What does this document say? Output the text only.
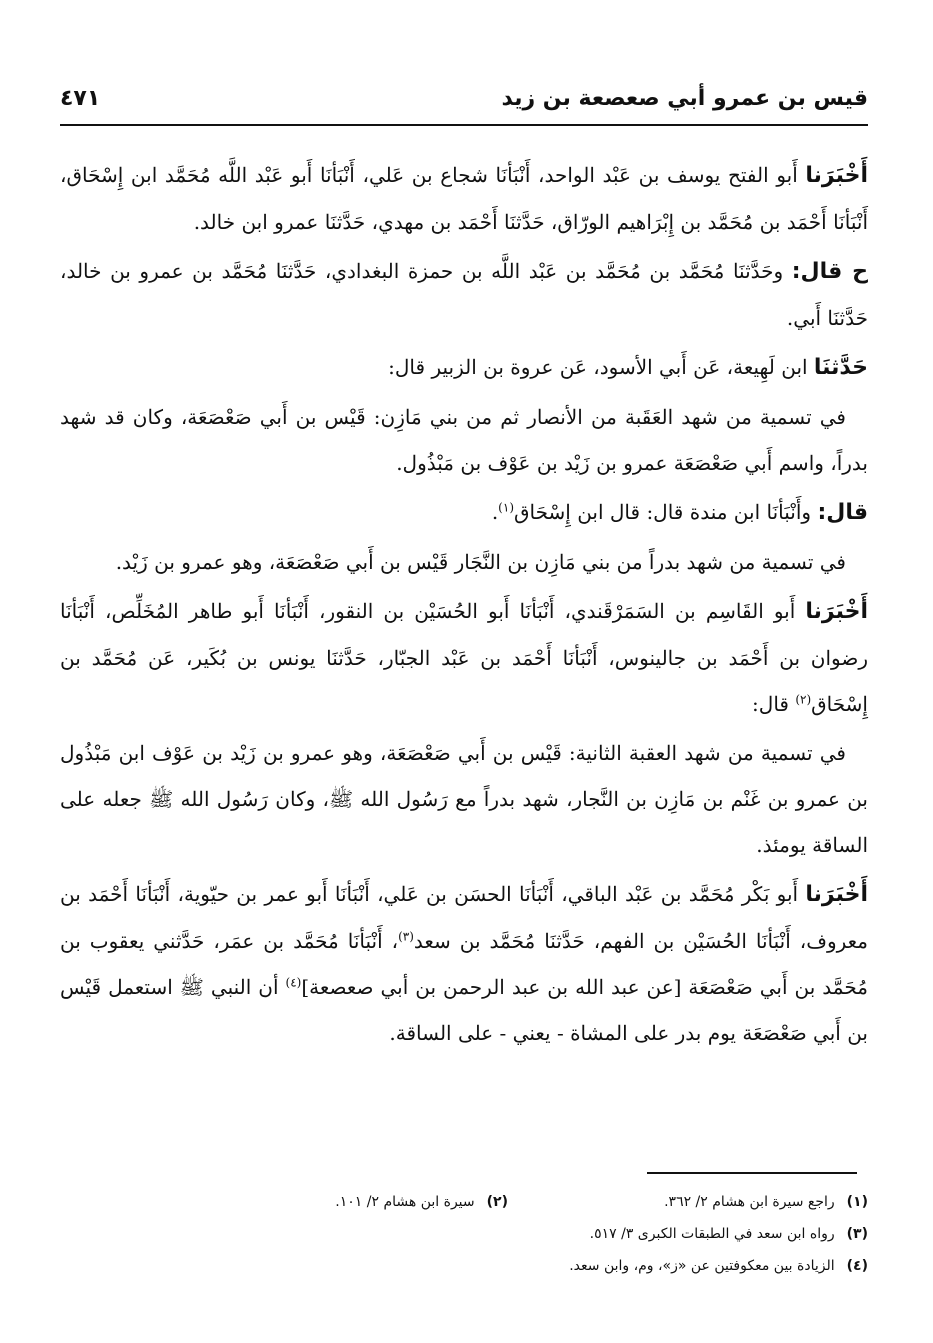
قيس بن عمرو أبي صعصعة بن زيد
٤٧١

أَخْبَرَنا أَبو الفتح يوسف بن عَبْد الواحد، أَنْبَأنَا شجاع بن عَلي، أَنْبَأنَا أَبو عَبْد اللَّه مُحَمَّد ابن إِسْحَاق، أَنْبَأنَا أَحْمَد بن مُحَمَّد بن إِبْرَاهيم الورّاق، حَدَّثنَا أَحْمَد بن مهدي، حَدَّثنَا عمرو ابن خالد.

ح قال: وحَدَّثنَا مُحَمَّد بن مُحَمَّد بن عَبْد اللَّه بن حمزة البغدادي، حَدَّثنَا مُحَمَّد بن عمرو بن خالد، حَدَّثنَا أَبي.

حَدَّثنَا ابن لَهِيعة، عَن أَبي الأسود، عَن عروة بن الزبير قال:

في تسمية من شهد العَقَبة من الأنصار ثم من بني مَازِن: قَيْس بن أَبي صَعْصَعَة، وكان قد شهد بدراً، واسم أَبي صَعْصَعَة عمرو بن زَيْد بن عَوْف بن مَبْذُول.

قال: وأَنْبَأنَا ابن مندة قال: قال ابن إِسْحَاق$^{(١)}$.

في تسمية من شهد بدراً من بني مَازِن بن النَّجَار قَيْس بن أَبي صَعْصَعَة، وهو عمرو بن زَيْد.

أَخْبَرَنا أَبو القَاسِم بن السَمَرْقَندي، أَنْبَأنَا أَبو الحُسَيْن بن النقور، أَنْبَأنَا أَبو طاهر المُخَلِّص، أَنْبَأنَا رضوان بن أَحْمَد بن جالينوس، أَنْبَأنَا أَحْمَد بن عَبْد الجبّار، حَدَّثنَا يونس بن بُكَير، عَن مُحَمَّد بن إِسْحَاق$^{(٢)}$ قال:

في تسمية من شهد العقبة الثانية: قَيْس بن أَبي صَعْصَعَة، وهو عمرو بن زَيْد بن عَوْف ابن مَبْذُول بن عمرو بن غَنْم بن مَازِن بن النَّجار، شهد بدراً مع رَسُول الله ﷺ، وكان رَسُول الله ﷺ جعله على الساقة يومئذ.

أَخْبَرَنا أَبو بَكْر مُحَمَّد بن عَبْد الباقي، أَنْبَأنَا الحسَن بن عَلي، أَنْبَأنَا أَبو عمر بن حيّوية، أَنْبَأنَا أَحْمَد بن معروف، أَنْبَأنَا الحُسَيْن بن الفهم، حَدَّثنَا مُحَمَّد بن سعد$^{(٣)}$، أَنْبَأنَا مُحَمَّد بن عمَر، حَدَّثني يعقوب بن مُحَمَّد بن أَبي صَعْصَعَة [عن عبد الله بن عبد الرحمن بن أبي صعصعة]$^{(٤)}$ أن النبي ﷺ استعمل قَيْس بن أَبي صَعْصَعَة يوم بدر على المشاة - يعني - على الساقة.

(١)
راجع سيرة ابن هشام ٢/ ٣٦٢.
(٢)
سيرة ابن هشام ٢/ ١٠١.
(٣)
رواه ابن سعد في الطبقات الكبرى ٣/ ٥١٧.
(٤)
الزيادة بين معكوفتين عن «ز»، وم، وابن سعد.
